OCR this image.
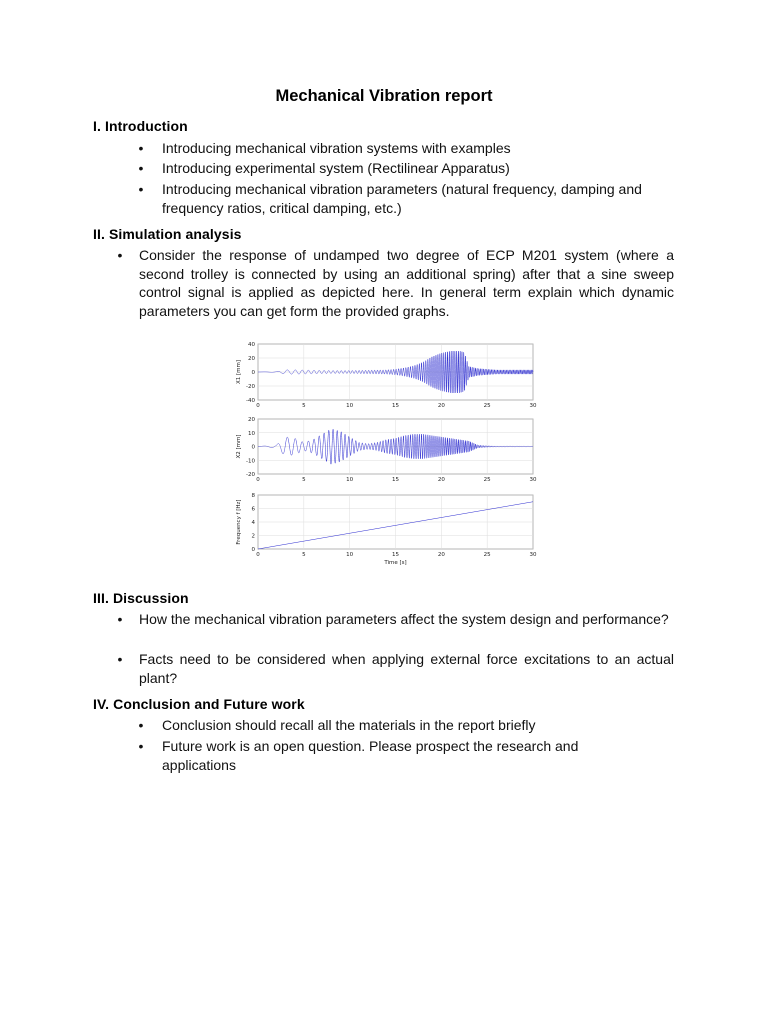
Mechanical Vibration report
I. Introduction
• Introducing mechanical vibration systems with examples
• Introducing experimental system (Rectilinear Apparatus)
• Introducing mechanical vibration parameters (natural frequency, damping and frequency ratios, critical damping, etc.)
II. Simulation analysis
• Consider the response of undamped two degree of ECP M201 system (where a second trolley is connected by using an additional spring) after that a sine sweep control signal is applied as depicted here. In general term explain which dynamic parameters you can get form the provided graphs.
0	5	10	15	20	25	30
40
20
0
-20
-40
X1 [mm]
0	5	10	15	20	25	30
20
10
0
-10
-20
X2 [mm]
0	5	10	15	20	25	30
8
6
4
2
0
Frequency f [Hz]
Time [s]
III. Discussion
• How the mechanical vibration parameters affect the system design and performance?
• Facts need to be considered when applying external force excitations to an actual plant?
IV. Conclusion and Future work
• Conclusion should recall all the materials in the report briefly
• Future work is an open question. Please prospect the research and applications
